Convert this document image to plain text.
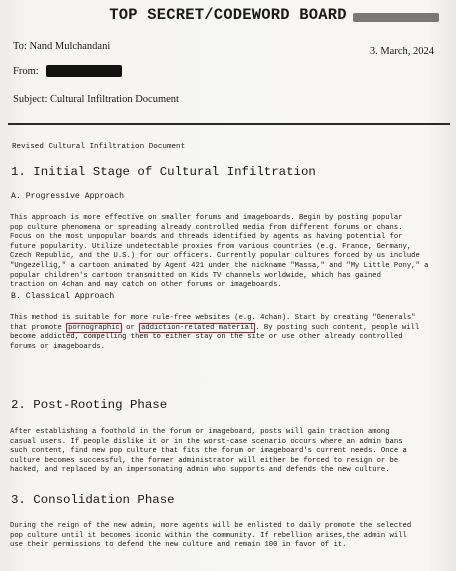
TOP SECRET/CODEWORD BOARD
To: Nand Mulchandani	3. March, 2024
From:
Subject: Cultural Infiltration Document
Revised Cultural Infiltration Document
1. Initial Stage of Cultural Infiltration
A. Progressive Approach
This approach is more effective on smaller forums and imageboards. Begin by posting popular
pop culture phenomena or spreading already controlled media from different forums or chans.
Focus on the most unpopular boards and threads identified by agents as having potential for
future popularity. Utilize undetectable proxies from various countries (e.g. France, Germany,
Czech Republic, and the U.S.) for our officers. Currently popular cultures forced by us include
"Ungezellig," a cartoon animated by Agent 421 under the nickname "Massa," and "My Little Pony," a
popular children's cartoon transmitted on Kids TV channels worldwide, which has gained
traction on 4chan and may catch on other forums or imageboards.
B. Classical Approach
This method is suitable for more rule-free websites (e.g. 4chan). Start by creating "Generals"
that promote pornographic or addiction-related material . By posting such content, people will
become addicted, compelling them to either stay on the site or use other already controlled
forums or imageboards.
2. Post-Rooting Phase
After establishing a foothold in the forum or imageboard, posts will gain traction among
casual users. If people dislike it or in the worst-case scenario occurs where an admin bans
such content, find new pop culture that fits the forum or imageboard's current needs. Once a
culture becomes successful, the former administrator will either be forced to resign or be
hacked, and replaced by an impersonating admin who supports and defends the new culture.
3. Consolidation Phase
During the reign of the new admin, more agents will be enlisted to daily promote the selected
pop culture until it becomes iconic within the community. If rebellion arises,the admin will
use their permissions to defend the new culture and remain 100 in favor of it.
